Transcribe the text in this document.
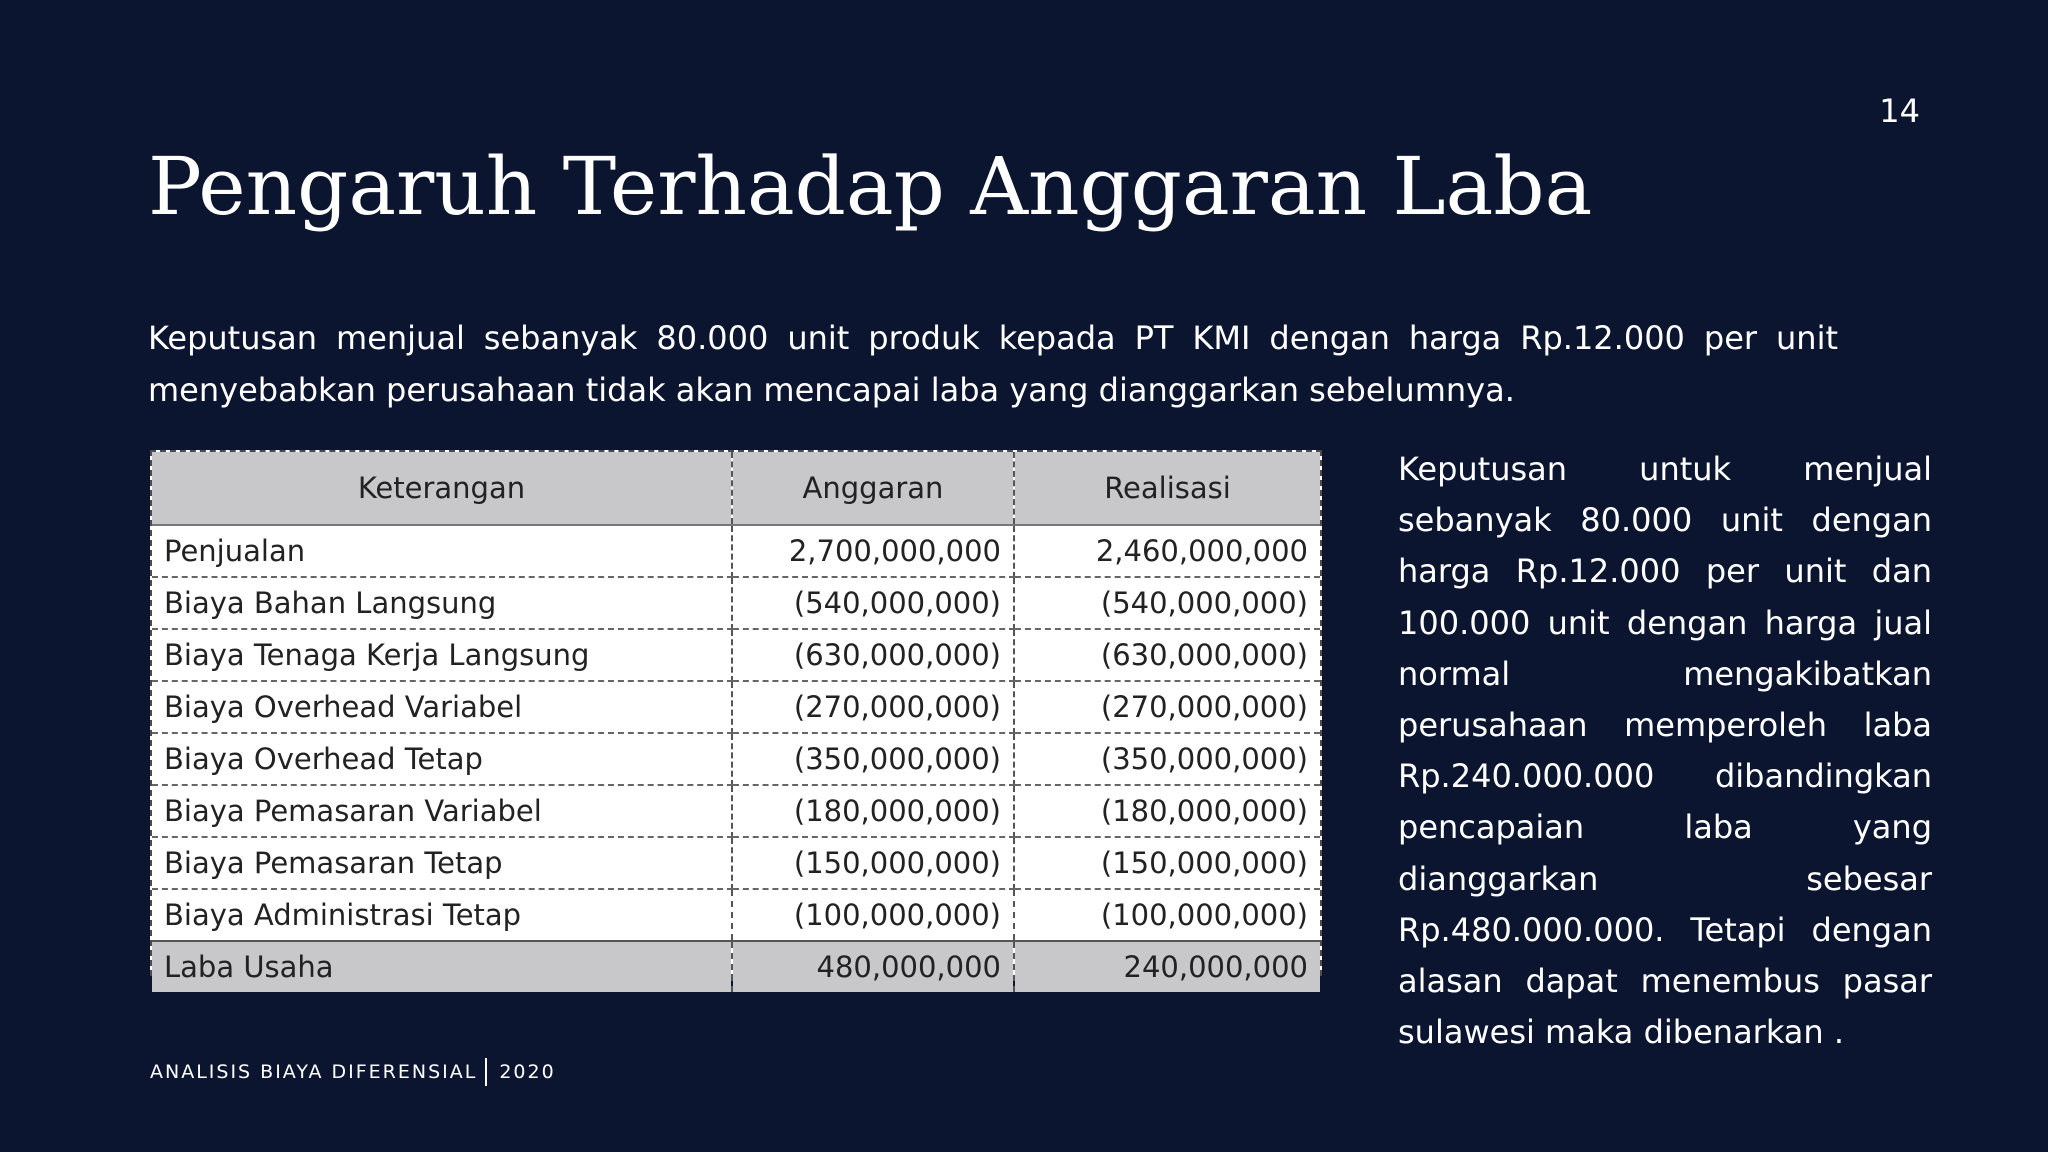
14
Pengaruh Terhadap Anggaran Laba

Keputusan menjual sebanyak 80.000 unit produk kepada PT KMI dengan harga Rp.12.000 per unit menyebabkan perusahaan tidak akan mencapai laba yang dianggarkan sebelumnya.

Keterangan	Anggaran	Realisasi
Penjualan	2,700,000,000	2,460,000,000
Biaya Bahan Langsung	(540,000,000)	(540,000,000)
Biaya Tenaga Kerja Langsung	(630,000,000)	(630,000,000)
Biaya Overhead Variabel	(270,000,000)	(270,000,000)
Biaya Overhead Tetap	(350,000,000)	(350,000,000)
Biaya Pemasaran Variabel	(180,000,000)	(180,000,000)
Biaya Pemasaran Tetap	(150,000,000)	(150,000,000)
Biaya Administrasi Tetap	(100,000,000)	(100,000,000)
Laba Usaha	480,000,000	240,000,000

Keputusan untuk menjual sebanyak 80.000 unit dengan harga Rp.12.000 per unit dan 100.000 unit dengan harga jual normal mengakibatkan perusahaan memperoleh laba Rp.240.000.000 dibandingkan pencapaian laba yang dianggarkan sebesar Rp.480.000.000. Tetapi dengan alasan dapat menembus pasar sulawesi maka dibenarkan .

ANALISIS BIAYA DIFERENSIAL 2020
